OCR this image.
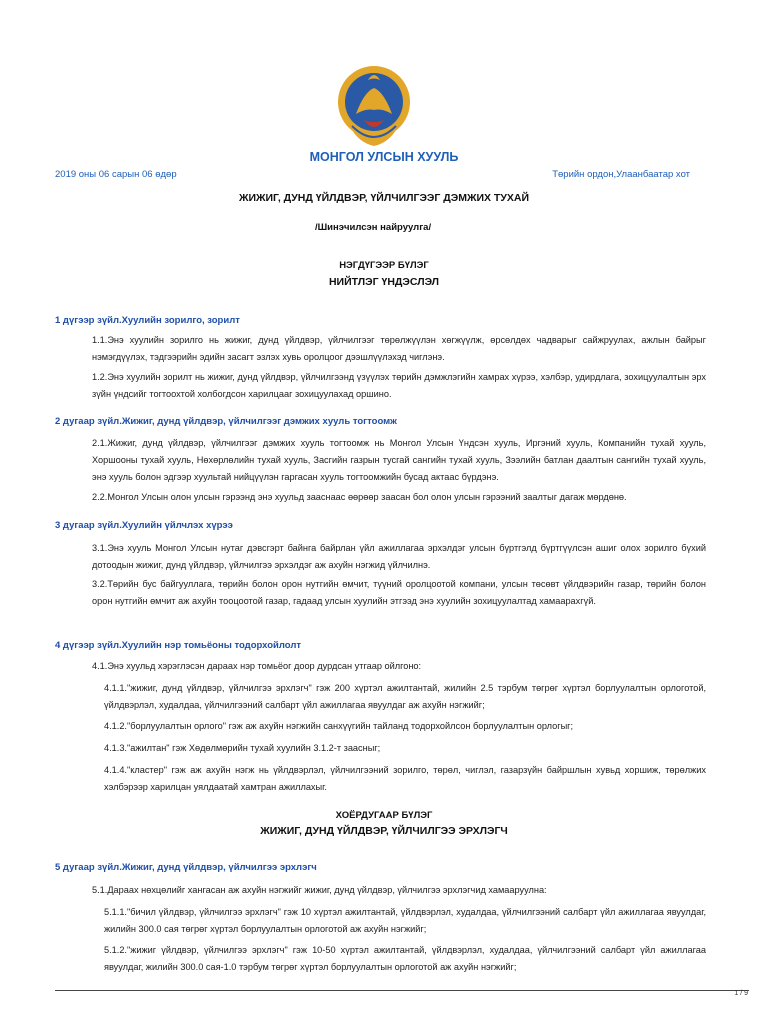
МОНГОЛ УЛСЫН ХУУЛЬ
2019 оны 06 сарын 06 өдөр	Төрийн ордон,Улаанбаатар хот
ЖИЖИГ, ДУНД ҮЙЛДВЭР, ҮЙЛЧИЛГЭЭГ ДЭМЖИХ ТУХАЙ
/Шинэчилсэн найруулга/
НЭГДҮГЭЭР БҮЛЭГ
НИЙТЛЭГ ҮНДЭСЛЭЛ
1 дүгээр зүйл.Хуулийн зорилго, зорилт

1.1.Энэ хуулийн зорилго нь жижиг, дунд үйлдвэр, үйлчилгээг төрөлжүүлэн хөгжүүлж, өрсөлдөх чадварыг сайжруулах, ажлын байрыг нэмэгдүүлэх, тэдгээрийн эдийн засагт эзлэх хувь оролцоог дээшлүүлэхэд чиглэнэ.

1.2.Энэ хуулийн зорилт нь жижиг, дунд үйлдвэр, үйлчилгээнд үзүүлэх төрийн дэмжлэгийн хамрах хүрээ, хэлбэр, удирдлага, зохицуулалтын эрх зүйн үндсийг тогтоохтой холбогдсон харилцааг зохицуулахад оршино.

2 дугаар зүйл.Жижиг, дунд үйлдвэр, үйлчилгээг дэмжих хууль тогтоомж

2.1.Жижиг, дунд үйлдвэр, үйлчилгээг дэмжих хууль тогтоомж нь Монгол Улсын Үндсэн хууль, Иргэний хууль, Компанийн тухай хууль, Хоршооны тухай хууль, Нөхөрлөлийн тухай хууль, Засгийн газрын тусгай сангийн тухай хууль, Зээлийн батлан даалтын сангийн тухай хууль, энэ хууль болон эдгээр хуультай нийцүүлэн гаргасан хууль тогтоомжийн бусад актаас бүрдэнэ.

2.2.Монгол Улсын олон улсын гэрээнд энэ хуульд зааснаас өөрөөр заасан бол олон улсын гэрээний заалтыг дагаж мөрдөнө.

3 дугаар зүйл.Хуулийн үйлчлэх хүрээ

3.1.Энэ хууль Монгол Улсын нутаг дэвсгэрт байнга байрлан үйл ажиллагаа эрхэлдэг улсын бүртгэлд бүртгүүлсэн ашиг олох зорилго бүхий дотоодын жижиг, дунд үйлдвэр, үйлчилгээ эрхэлдэг аж ахуйн нэгжид үйлчилнэ.

3.2.Төрийн бус байгууллага, төрийн болон орон нутгийн өмчит, түүний оролцоотой компани, улсын төсөвт үйлдвэрийн газар, төрийн болон орон нутгийн өмчит аж ахуйн тооцоотой газар, гадаад улсын хуулийн этгээд энэ хуулийн зохицуулалтад хамаарахгүй.

4 дүгээр зүйл.Хуулийн нэр томьёоны тодорхойлолт

4.1.Энэ хуульд хэрэглэсэн дараах нэр томьёог доор дурдсан утгаар ойлгоно:

4.1.1."жижиг, дунд үйлдвэр, үйлчилгээ эрхлэгч" гэж 200 хүртэл ажилтантай, жилийн 2.5 тэрбум төгрөг хүртэл борлуулалтын орлоготой, үйлдвэрлэл, худалдаа, үйлчилгээний салбарт үйл ажиллагаа явуулдаг аж ахуйн нэгжийг;

4.1.2."борлуулалтын орлого" гэж аж ахуйн нэгжийн санхүүгийн тайланд тодорхойлсон борлуулалтын орлогыг;

4.1.3."ажилтан" гэж Хөдөлмөрийн тухай хуулийн 3.1.2-т заасныг;

4.1.4."кластер" гэж аж ахуйн нэгж нь үйлдвэрлэл, үйлчилгээний зорилго, төрөл, чиглэл, газарзүйн байршлын хувьд хоршиж, төрөлжих хэлбэрээр харилцан уялдаатай хамтран ажиллахыг.

ХОЁРДУГААР БҮЛЭГ
ЖИЖИГ, ДУНД ҮЙЛДВЭР, ҮЙЛЧИЛГЭЭ ЭРХЛЭГЧ
5 дугаар зүйл.Жижиг, дунд үйлдвэр, үйлчилгээ эрхлэгч

5.1.Дараах нөхцөлийг хангасан аж ахуйн нэгжийг жижиг, дунд үйлдвэр, үйлчилгээ эрхлэгчид хамааруулна:

5.1.1."бичил үйлдвэр, үйлчилгээ эрхлэгч" гэж 10 хүртэл ажилтантай, үйлдвэрлэл, худалдаа, үйлчилгээний салбарт үйл ажиллагаа явуулдаг, жилийн 300.0 сая төгрөг хүртэл борлуулалтын орлоготой аж ахуйн нэгжийг;

5.1.2."жижиг үйлдвэр, үйлчилгээ эрхлэгч" гэж 10-50 хүртэл ажилтантай, үйлдвэрлэл, худалдаа, үйлчилгээний салбарт үйл ажиллагаа явуулдаг, жилийн 300.0 сая-1.0 тэрбум төгрөг хүртэл борлуулалтын орлоготой аж ахуйн нэгжийг;

1 / 9
